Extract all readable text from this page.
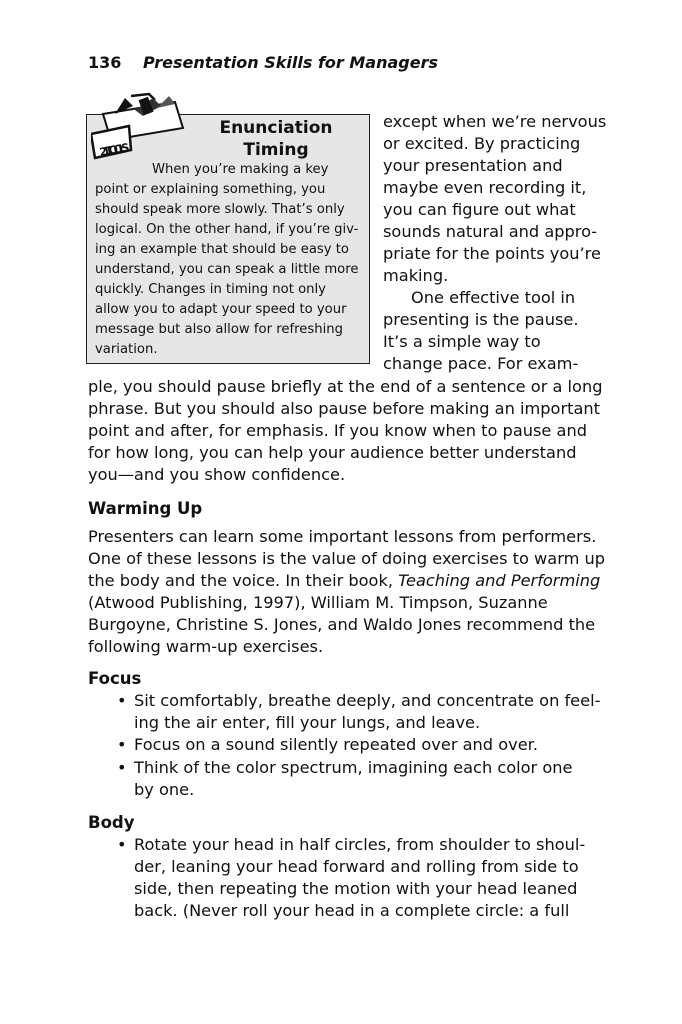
136 Presentation Skills for Managers
21 TOOLS
Enunciation
Timing
When you’re making a key
point or explaining something, you
should speak more slowly. That’s only
logical. On the other hand, if you’re giv-
ing an example that should be easy to
understand, you can speak a little more
quickly. Changes in timing not only
allow you to adapt your speed to your
message but also allow for refreshing
variation.
except when we’re nervous
or excited. By practicing
your presentation and
maybe even recording it,
you can figure out what
sounds natural and appro-
priate for the points you’re
making.
One effective tool in
presenting is the pause.
It’s a simple way to
change pace. For exam-
ple, you should pause briefly at the end of a sentence or a long
phrase. But you should also pause before making an important
point and after, for emphasis. If you know when to pause and
for how long, you can help your audience better understand
you—and you show confidence.
Warming Up
Presenters can learn some important lessons from performers.
One of these lessons is the value of doing exercises to warm up
the body and the voice. In their book, Teaching and Performing
(Atwood Publishing, 1997), William M. Timpson, Suzanne
Burgoyne, Christine S. Jones, and Waldo Jones recommend the
following warm-up exercises.
Focus
• Sit comfortably, breathe deeply, and concentrate on feel-
ing the air enter, fill your lungs, and leave.
• Focus on a sound silently repeated over and over.
• Think of the color spectrum, imagining each color one
by one.
Body
• Rotate your head in half circles, from shoulder to shoul-
der, leaning your head forward and rolling from side to
side, then repeating the motion with your head leaned
back. (Never roll your head in a complete circle: a full
